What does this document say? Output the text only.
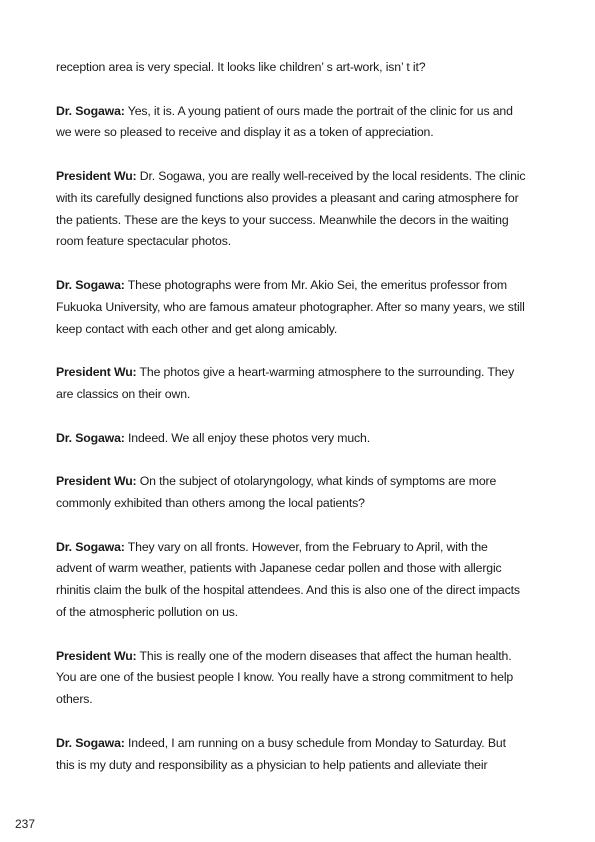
reception area is very special. It looks like children’ s art-work, isn’ t it?

Dr. Sogawa: Yes, it is. A young patient of ours made the portrait of the clinic for us and we were so pleased to receive and display it as a token of appreciation.

President Wu: Dr. Sogawa, you are really well-received by the local residents. The clinic with its carefully designed functions also provides a pleasant and caring atmosphere for the patients. These are the keys to your success. Meanwhile the decors in the waiting room feature spectacular photos.

Dr. Sogawa: These photographs were from Mr. Akio Sei, the emeritus professor from Fukuoka University, who are famous amateur photographer. After so many years, we still keep contact with each other and get along amicably.

President Wu: The photos give a heart-warming atmosphere to the surrounding. They are classics on their own.

Dr. Sogawa: Indeed. We all enjoy these photos very much.

President Wu: On the subject of otolaryngology, what kinds of symptoms are more commonly exhibited than others among the local patients?

Dr. Sogawa: They vary on all fronts. However, from the February to April, with the advent of warm weather, patients with Japanese cedar pollen and those with allergic rhinitis claim the bulk of the hospital attendees. And this is also one of the direct impacts of the atmospheric pollution on us.

President Wu: This is really one of the modern diseases that affect the human health. You are one of the busiest people I know. You really have a strong commitment to help others.

Dr. Sogawa: Indeed, I am running on a busy schedule from Monday to Saturday. But this is my duty and responsibility as a physician to help patients and alleviate their

237
